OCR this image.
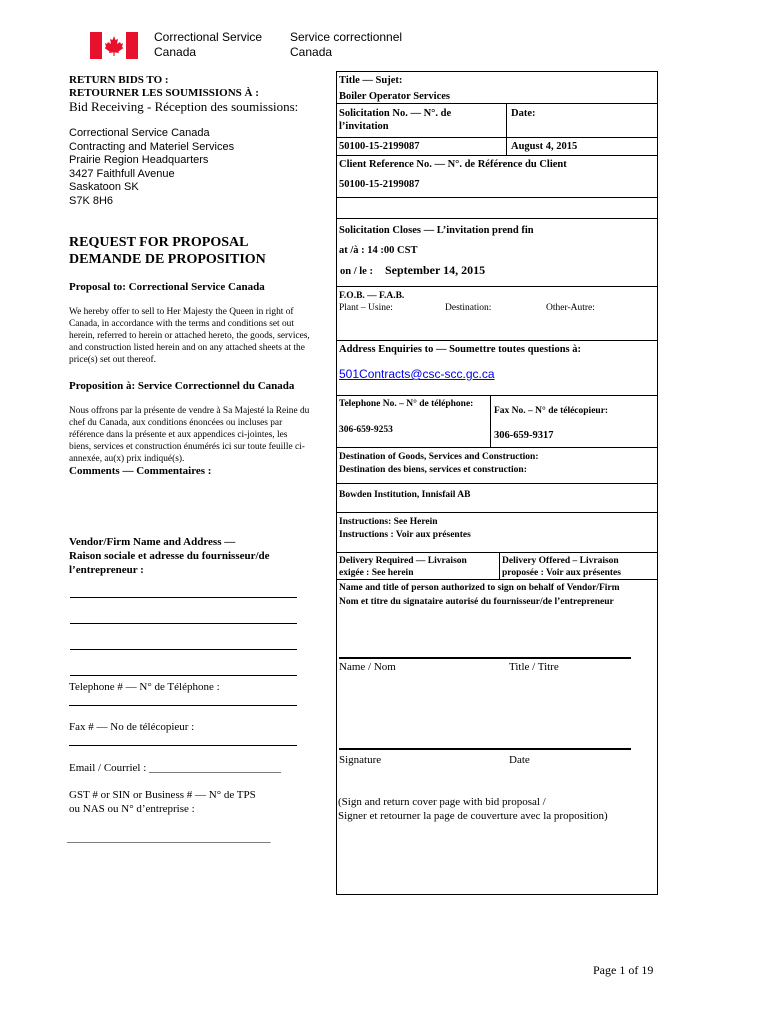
Correctional Service
Canada
Service correctionnel
Canada
RETURN BIDS TO :
RETOURNER LES SOUMISSIONS À :
Bid Receiving - Réception des soumissions:
Correctional Service Canada
Contracting and Materiel Services
Prairie Region Headquarters
3427 Faithfull Avenue
Saskatoon SK
S7K 8H6
REQUEST FOR PROPOSAL
DEMANDE DE PROPOSITION
Proposal to: Correctional Service Canada
We hereby offer to sell to Her Majesty the Queen in right of Canada, in accordance with the terms and conditions set out herein, referred to herein or attached hereto, the goods, services, and construction listed herein and on any attached sheets at the price(s) set out thereof.
Proposition à: Service Correctionnel du Canada
Nous offrons par la présente de vendre à Sa Majesté la Reine du chef du Canada, aux conditions énoncées ou incluses par référence dans la présente et aux appendices ci-jointes, les biens, services et construction énumérés ici sur toute feuille ci-annexée, au(x) prix indiqué(s).
Comments — Commentaires :
Vendor/Firm Name and Address —
Raison sociale et adresse du fournisseur/de
l’entrepreneur :
Telephone # — N° de Téléphone :
Fax # — No de télécopieur :
Email / Courriel : ________________________
GST # or SIN or Business # — N° de TPS
ou NAS ou N° d’entreprise :
_____________________________________
Title — Sujet:
Boiler Operator Services
Solicitation No. — N°. de
l’invitation
Date:
50100-15-2199087	August 4, 2015
Client Reference No. — N°. de Référence du Client
50100-15-2199087
Solicitation Closes — L’invitation prend fin
at /à : 14 :00 CST
on / le : September 14, 2015
F.O.B. — F.A.B.
Plant – Usine:	Destination:	Other-Autre:
Address Enquiries to — Soumettre toutes questions à:
501Contracts@csc-scc.gc.ca
Telephone No. – N° de téléphone:
306-659-9253
Fax No. – N° de télécopieur:
306-659-9317
Destination of Goods, Services and Construction:
Destination des biens, services et construction:
Bowden Institution, Innisfail AB
Instructions: See Herein
Instructions : Voir aux présentes
Delivery Required — Livraison
exigée : See herein
Delivery Offered – Livraison
proposée : Voir aux présentes
Name and title of person authorized to sign on behalf of Vendor/Firm
Nom et titre du signataire autorisé du fournisseur/de l’entrepreneur
Name / Nom	Title / Titre
Signature	Date
(Sign and return cover page with bid proposal /
Signer et retourner la page de couverture avec la proposition)
Page 1 of 19
